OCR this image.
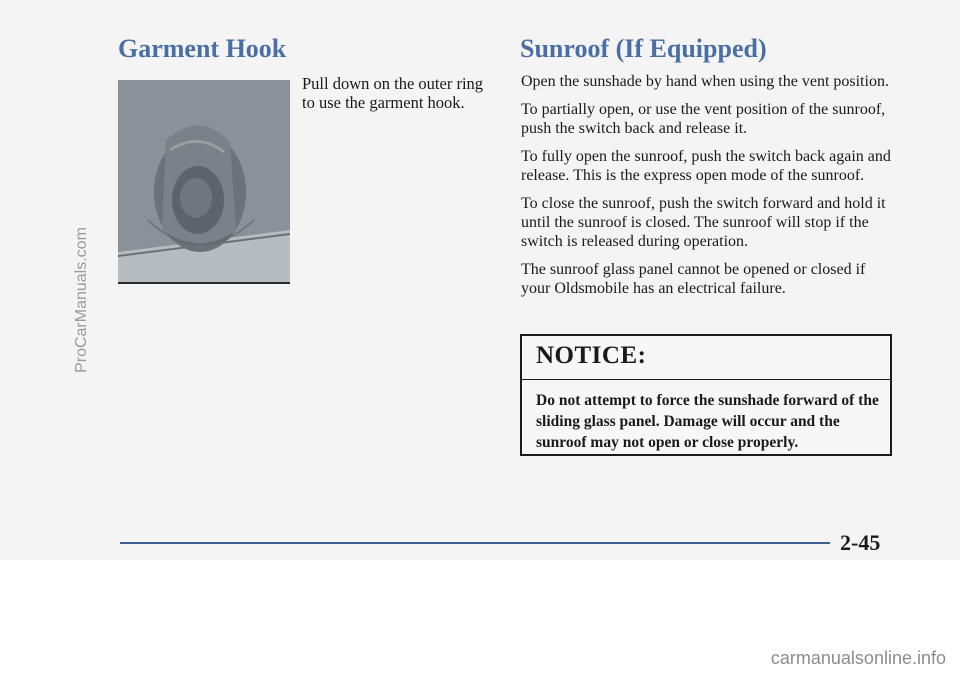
ProCarManuals.com
Garment Hook

Pull down on the outer ring to use the garment hook.

Sunroof (If Equipped)

Open the sunshade by hand when using the vent position.

To partially open, or use the vent position of the sunroof, push the switch back and release it.

To fully open the sunroof, push the switch back again and release. This is the express open mode of the sunroof.

To close the sunroof, push the switch forward and hold it until the sunroof is closed. The sunroof will stop if the switch is released during operation.

The sunroof glass panel cannot be opened or closed if your Oldsmobile has an electrical failure.

NOTICE:

Do not attempt to force the sunshade forward of the sliding glass panel. Damage will occur and the sunroof may not open or close properly.

2-45
carmanualsonline.info
